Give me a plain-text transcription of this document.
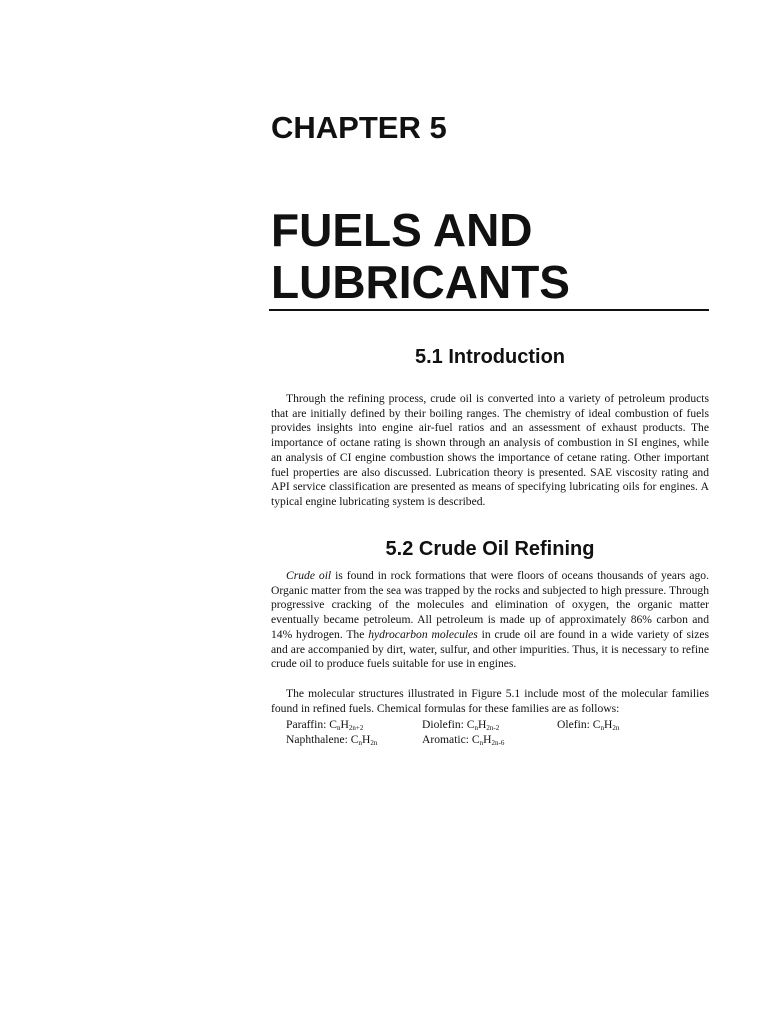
CHAPTER 5
FUELS AND
LUBRICANTS
5.1 Introduction

Through the refining process, crude oil is converted into a variety of petroleum products that are initially defined by their boiling ranges. The chemistry of ideal combustion of fuels provides insights into engine air-fuel ratios and an assessment of exhaust products. The importance of octane rating is shown through an analysis of combustion in SI engines, while an analysis of CI engine combustion shows the importance of cetane rating. Other important fuel properties are also discussed. Lubrication theory is presented. SAE viscosity rating and API service classification are presented as means of specifying lubricating oils for engines. A typical engine lubricating system is described.

5.2 Crude Oil Refining

Crude oil is found in rock formations that were floors of oceans thousands of years ago. Organic matter from the sea was trapped by the rocks and subjected to high pressure. Through progressive cracking of the molecules and elimination of oxygen, the organic matter eventually became petroleum. All petroleum is made up of approximately 86% carbon and 14% hydrogen. The hydrocarbon molecules in crude oil are found in a wide variety of sizes and are accompanied by dirt, water, sulfur, and other impurities. Thus, it is necessary to refine crude oil to produce fuels suitable for use in engines.

The molecular structures illustrated in Figure 5.1 include most of the molecular families found in refined fuels. Chemical formulas for these families are as follows:

Paraffin : $C_nH_{2n+2}$	Diolefin : $C_nH_{2n-2}$	Olefin : $C_nH_{2n}$
Naphthalene : $C_nH_{2n}$	Aromatic : $C_nH_{2n-6}$
